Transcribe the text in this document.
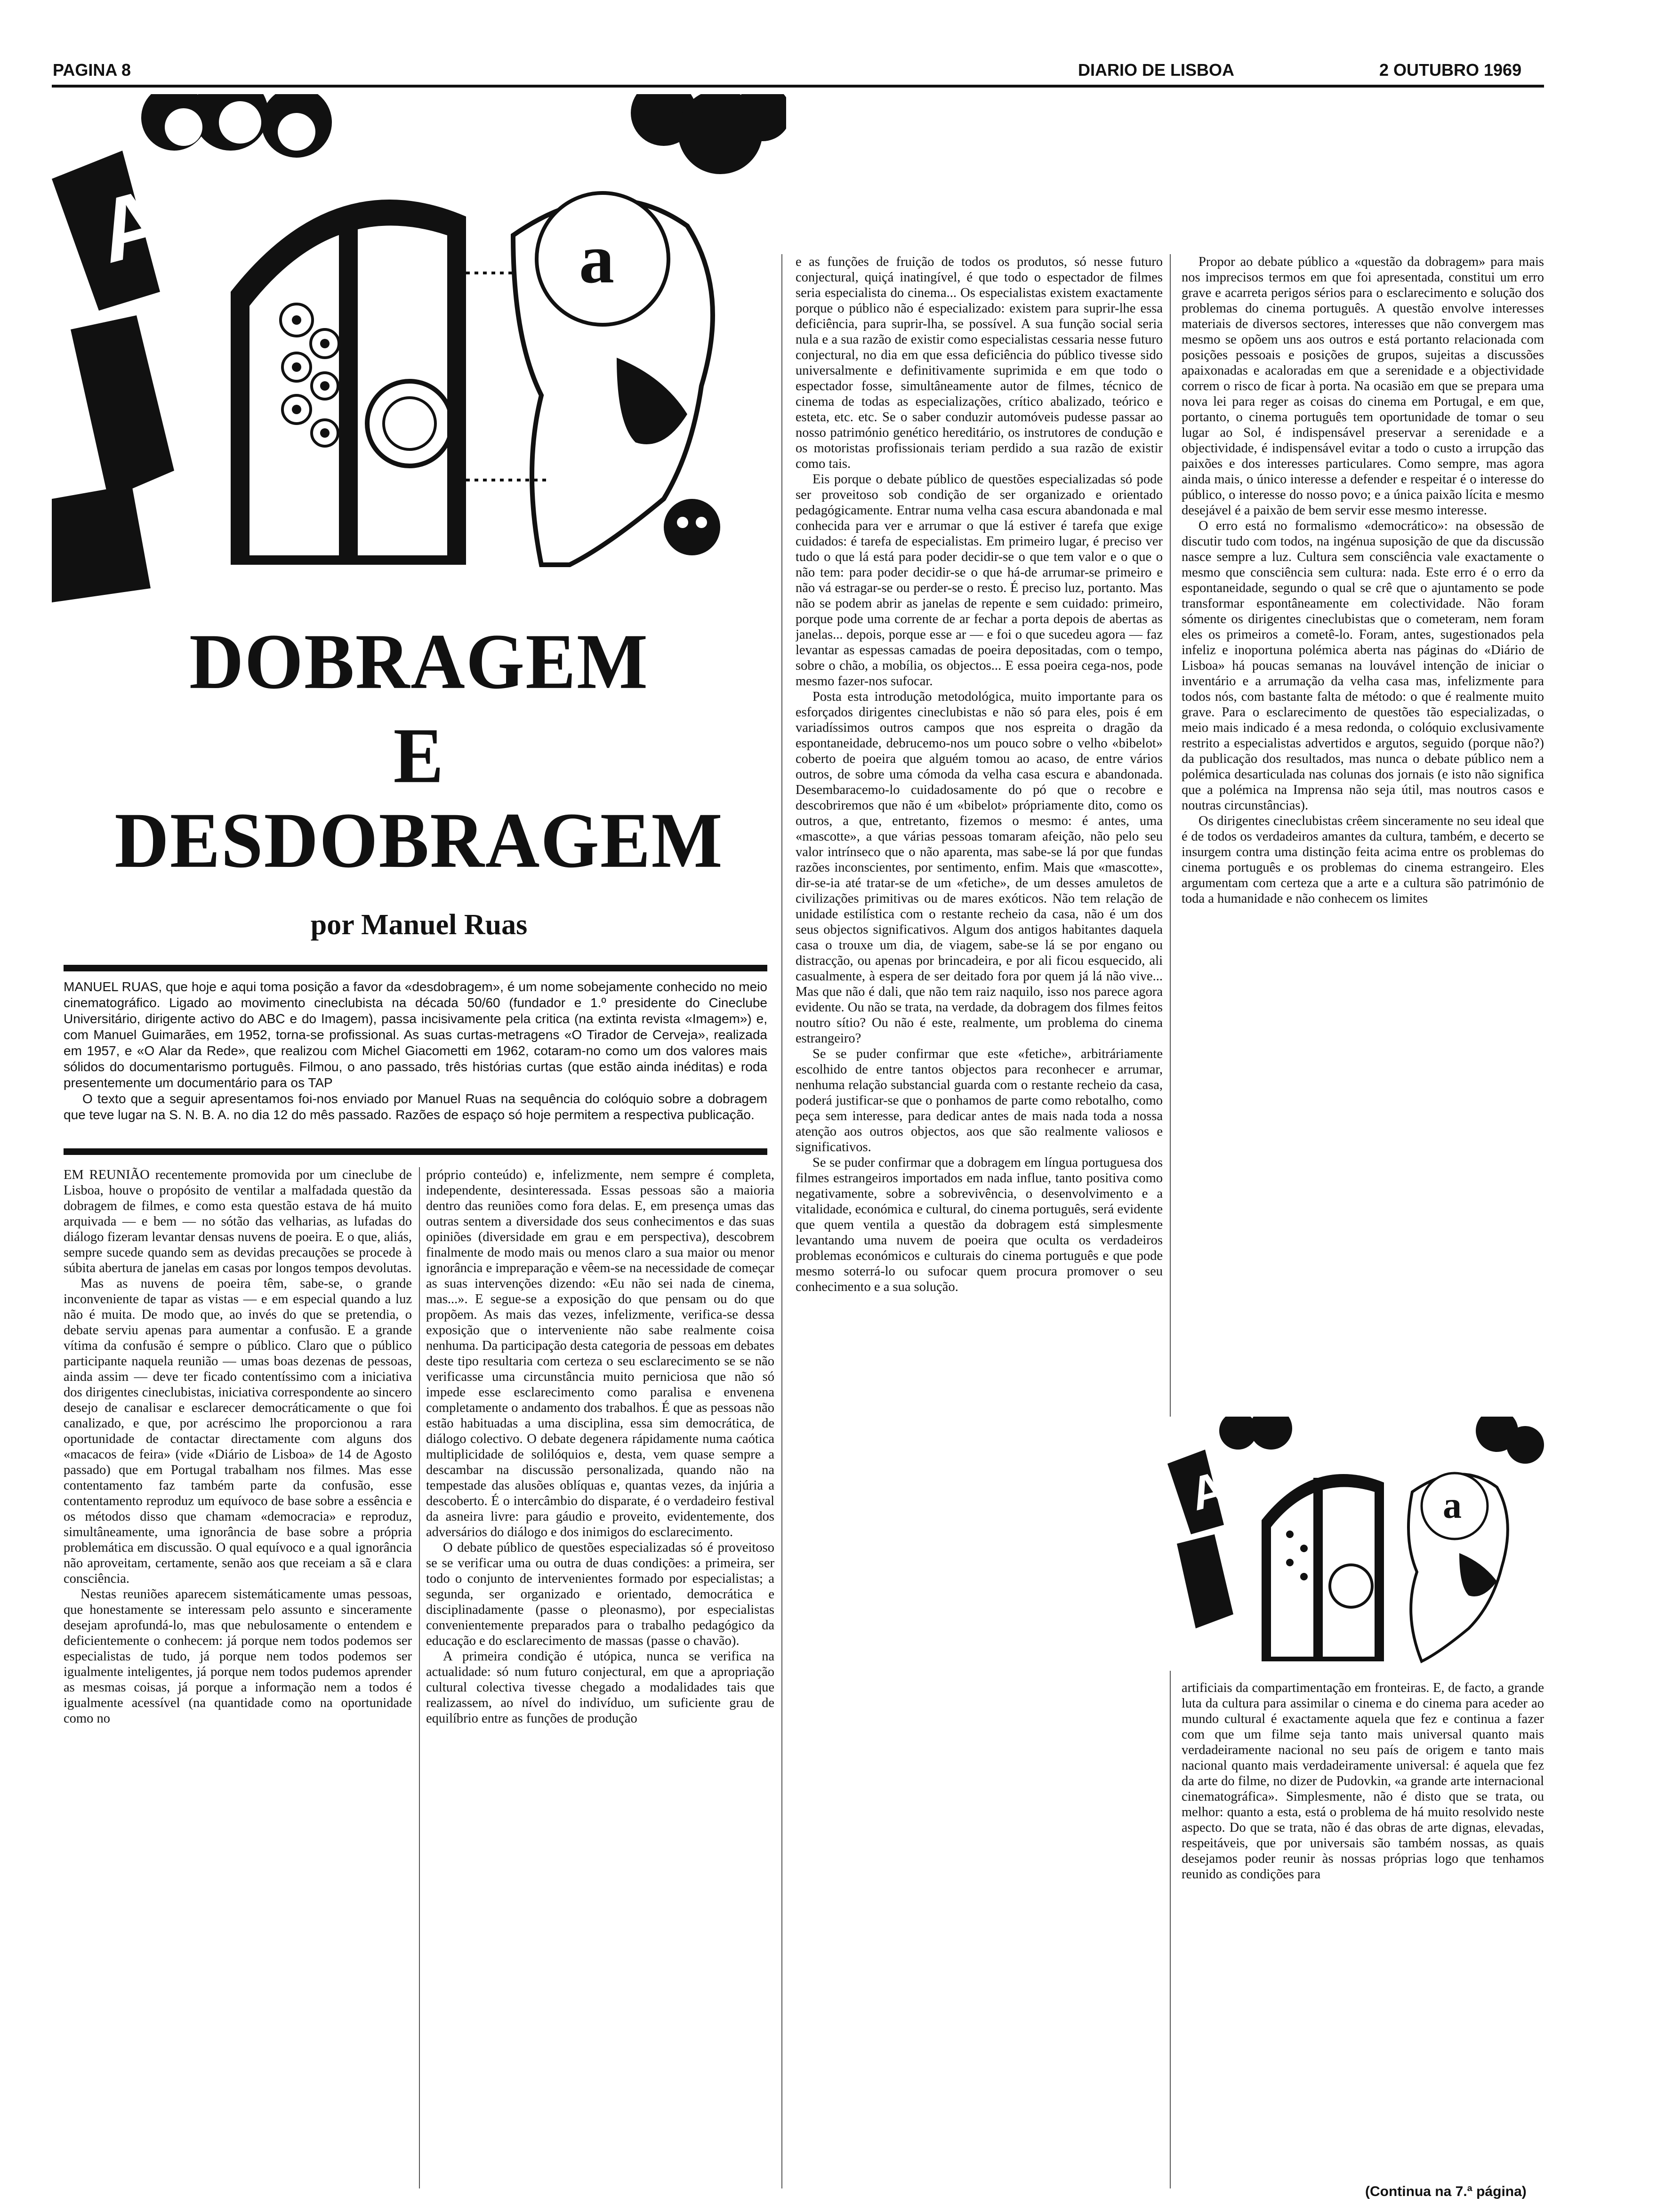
PAGINA 8	DIARIO DE LISBOA	2 OUTUBRO 1969
A	a
DOBRAGEM
E
DESDOBRAGEM
por Manuel Ruas

MANUEL RUAS, que hoje e aqui toma posição a favor da «desdobragem», é um nome sobejamente conhecido no meio cinematográfico. Ligado ao movimento cineclubista na década 50/60 (fundador e 1.º presidente do Cineclube Universitário, dirigente activo do ABC e do Imagem), passa incisivamente pela critica (na extinta revista «Imagem») e, com Manuel Guimarães, em 1952, torna-se profissional. As suas curtas-metragens «O Tirador de Cerveja», realizada em 1957, e «O Alar da Rede», que realizou com Michel Giacometti em 1962, cotaram-no como um dos valores mais sólidos do documentarismo português. Filmou, o ano passado, três histórias curtas (que estão ainda inéditas) e roda presentemente um documentário para os TAP

O texto que a seguir apresentamos foi-nos enviado por Manuel Ruas na sequência do colóquio sobre a dobragem que teve lugar na S. N. B. A. no dia 12 do mês passado. Razões de espaço só hoje permitem a respectiva publicação.

EM REUNIÃO recentemente promovida por um cineclube de Lisboa, houve o propósito de ventilar a malfadada questão da dobragem de filmes, e como esta questão estava de há muito arquivada — e bem — no sótão das velharias, as lufadas do diálogo fizeram levantar densas nuvens de poeira. E o que, aliás, sempre sucede quando sem as devidas precauções se procede à súbita abertura de janelas em casas por longos tempos devolutas.

Mas as nuvens de poeira têm, sabe-se, o grande inconveniente de tapar as vistas — e em especial quando a luz não é muita. De modo que, ao invés do que se pretendia, o debate serviu apenas para aumentar a confusão. E a grande vítima da confusão é sempre o público. Claro que o público participante naquela reunião — umas boas dezenas de pessoas, ainda assim — deve ter ficado contentíssimo com a iniciativa dos dirigentes cineclubistas, iniciativa correspondente ao sincero desejo de canalisar e esclarecer democráticamente o que foi canalizado, e que, por acréscimo lhe proporcionou a rara oportunidade de contactar directamente com alguns dos «macacos de feira» (vide «Diário de Lisboa» de 14 de Agosto passado) que em Portugal trabalham nos filmes. Mas esse contentamento faz também parte da confusão, esse contentamento reproduz um equívoco de base sobre a essência e os métodos disso que chamam «democracia» e reproduz, simultâneamente, uma ignorância de base sobre a própria problemática em discussão. O qual equívoco e a qual ignorância não aproveitam, certamente, senão aos que receiam a sã e clara consciência.

Nestas reuniões aparecem sistemáticamente umas pessoas, que honestamente se interessam pelo assunto e sinceramente desejam aprofundá-lo, mas que nebulosamente o entendem e deficientemente o conhecem: já porque nem todos podemos ser especialistas de tudo, já porque nem todos podemos ser igualmente inteligentes, já porque nem todos pudemos aprender as mesmas coisas, já porque a informação nem a todos é igualmente acessível (na quantidade como na oportunidade como no

próprio conteúdo) e, infelizmente, nem sempre é completa, independente, desinteressada. Essas pessoas são a maioria dentro das reuniões como fora delas. E, em presença umas das outras sentem a diversidade dos seus conhecimentos e das suas opiniões (diversidade em grau e em perspectiva), descobrem finalmente de modo mais ou menos claro a sua maior ou menor ignorância e impreparação e vêem-se na necessidade de começar as suas intervenções dizendo: «Eu não sei nada de cinema, mas...». E segue-se a exposição do que pensam ou do que propõem. As mais das vezes, infelizmente, verifica-se dessa exposição que o interveniente não sabe realmente coisa nenhuma. Da participação desta categoria de pessoas em debates deste tipo resultaria com certeza o seu esclarecimento se se não verificasse uma circunstância muito perniciosa que não só impede esse esclarecimento como paralisa e envenena completamente o andamento dos trabalhos. É que as pessoas não estão habituadas a uma disciplina, essa sim democrática, de diálogo colectivo. O debate degenera rápidamente numa caótica multiplicidade de solilóquios e, desta, vem quase sempre a descambar na discussão personalizada, quando não na tempestade das alusões oblíquas e, quantas vezes, da injúria a descoberto. É o intercâmbio do disparate, é o verdadeiro festival da asneira livre: para gáudio e proveito, evidentemente, dos adversários do diálogo e dos inimigos do esclarecimento.

O debate público de questões especializadas só é proveitoso se se verificar uma ou outra de duas condições: a primeira, ser todo o conjunto de intervenientes formado por especialistas; a segunda, ser organizado e orientado, democrática e disciplinadamente (passe o pleonasmo), por especialistas convenientemente preparados para o trabalho pedagógico da educação e do esclarecimento de massas (passe o chavão).

A primeira condição é utópica, nunca se verifica na actualidade: só num futuro conjectural, em que a apropriação cultural colectiva tivesse chegado a modalidades tais que realizassem, ao nível do indivíduo, um suficiente grau de equilíbrio entre as funções de produção

e as funções de fruição de todos os produtos, só nesse futuro conjectural, quiçá inatingível, é que todo o espectador de filmes seria especialista do cinema... Os especialistas existem exactamente porque o público não é especializado: existem para suprir-lhe essa deficiência, para suprir-lha, se possível. A sua função social seria nula e a sua razão de existir como especialistas cessaria nesse futuro conjectural, no dia em que essa deficiência do público tivesse sido universalmente e definitivamente suprimida e em que todo o espectador fosse, simultâneamente autor de filmes, técnico de cinema de todas as especializações, crítico abalizado, teórico e esteta, etc. etc. Se o saber conduzir automóveis pudesse passar ao nosso património genético hereditário, os instrutores de condução e os motoristas profissionais teriam perdido a sua razão de existir como tais.

Eis porque o debate público de questões especializadas só pode ser proveitoso sob condição de ser organizado e orientado pedagógicamente. Entrar numa velha casa escura abandonada e mal conhecida para ver e arrumar o que lá estiver é tarefa que exige cuidados: é tarefa de especialistas. Em primeiro lugar, é preciso ver tudo o que lá está para poder decidir-se o que tem valor e o que o não tem: para poder decidir-se o que há-de arrumar-se primeiro e não vá estragar-se ou perder-se o resto. É preciso luz, portanto. Mas não se podem abrir as janelas de repente e sem cuidado: primeiro, porque pode uma corrente de ar fechar a porta depois de abertas as janelas... depois, porque esse ar — e foi o que sucedeu agora — faz levantar as espessas camadas de poeira depositadas, com o tempo, sobre o chão, a mobília, os objectos... E essa poeira cega-nos, pode mesmo fazer-nos sufocar.

Posta esta introdução metodológica, muito importante para os esforçados dirigentes cineclubistas e não só para eles, pois é em variadíssimos outros campos que nos espreita o dragão da espontaneidade, debrucemo-nos um pouco sobre o velho «bibelot» coberto de poeira que alguém tomou ao acaso, de entre vários outros, de sobre uma cómoda da velha casa escura e abandonada. Desembaracemo-lo cuidadosamente do pó que o recobre e descobriremos que não é um «bibelot» própriamente dito, como os outros, a que, entretanto, fizemos o mesmo: é antes, uma «mascotte», a que várias pessoas tomaram afeição, não pelo seu valor intrínseco que o não aparenta, mas sabe-se lá por que fundas razões inconscientes, por sentimento, enfim. Mais que «mascotte», dir-se-ia até tratar-se de um «fetiche», de um desses amuletos de civilizações primitivas ou de mares exóticos. Não tem relação de unidade estilística com o restante recheio da casa, não é um dos seus objectos significativos. Algum dos antigos habitantes daquela casa o trouxe um dia, de viagem, sabe-se lá se por engano ou distracção, ou apenas por brincadeira, e por ali ficou esquecido, ali casualmente, à espera de ser deitado fora por quem já lá não vive... Mas que não é dali, que não tem raiz naquilo, isso nos parece agora evidente. Ou não se trata, na verdade, da dobragem dos filmes feitos noutro sítio? Ou não é este, realmente, um problema do cinema estrangeiro?

Se se puder confirmar que este «fetiche», arbitráriamente escolhido de entre tantos objectos para reconhecer e arrumar, nenhuma relação substancial guarda com o restante recheio da casa, poderá justificar-se que o ponhamos de parte como rebotalho, como peça sem interesse, para dedicar antes de mais nada toda a nossa atenção aos outros objectos, aos que são realmente valiosos e significativos.

Se se puder confirmar que a dobragem em língua portuguesa dos filmes estrangeiros importados em nada influe, tanto positiva como negativamente, sobre a sobrevivência, o desenvolvimento e a vitalidade, económica e cultural, do cinema português, será evidente que quem ventila a questão da dobragem está simplesmente levantando uma nuvem de poeira que oculta os verdadeiros problemas económicos e culturais do cinema português e que pode mesmo soterrá-lo ou sufocar quem procura promover o seu conhecimento e a sua solução.

Propor ao debate público a «questão da dobragem» para mais nos imprecisos termos em que foi apresentada, constitui um erro grave e acarreta perigos sérios para o esclarecimento e solução dos problemas do cinema português. A questão envolve interesses materiais de diversos sectores, interesses que não convergem mas mesmo se opõem uns aos outros e está portanto relacionada com posições pessoais e posições de grupos, sujeitas a discussões apaixonadas e acaloradas em que a serenidade e a objectividade correm o risco de ficar à porta. Na ocasião em que se prepara uma nova lei para reger as coisas do cinema em Portugal, e em que, portanto, o cinema português tem oportunidade de tomar o seu lugar ao Sol, é indispensável preservar a serenidade e a objectividade, é indispensável evitar a todo o custo a irrupção das paixões e dos interesses particulares. Como sempre, mas agora ainda mais, o único interesse a defender e respeitar é o interesse do público, o interesse do nosso povo; e a única paixão lícita e mesmo desejável é a paixão de bem servir esse mesmo interesse.

O erro está no formalismo «democrático»: na obsessão de discutir tudo com todos, na ingénua suposição de que da discussão nasce sempre a luz. Cultura sem consciência vale exactamente o mesmo que consciência sem cultura: nada. Este erro é o erro da espontaneidade, segundo o qual se crê que o ajuntamento se pode transformar espontâneamente em colectividade. Não foram sómente os dirigentes cineclubistas que o cometeram, nem foram eles os primeiros a cometê-lo. Foram, antes, sugestionados pela infeliz e inoportuna polémica aberta nas páginas do «Diário de Lisboa» há poucas semanas na louvável intenção de iniciar o inventário e a arrumação da velha casa mas, infelizmente para todos nós, com bastante falta de método: o que é realmente muito grave. Para o esclarecimento de questões tão especializadas, o meio mais indicado é a mesa redonda, o colóquio exclusivamente restrito a especialistas advertidos e argutos, seguido (porque não?) da publicação dos resultados, mas nunca o debate público nem a polémica desarticulada nas colunas dos jornais (e isto não significa que a polémica na Imprensa não seja útil, mas noutros casos e noutras circunstâncias).

Os dirigentes cineclubistas crêem sinceramente no seu ideal que é de todos os verdadeiros amantes da cultura, também, e decerto se insurgem contra uma distinção feita acima entre os problemas do cinema português e os problemas do cinema estrangeiro. Eles argumentam com certeza que a arte e a cultura são património de toda a humanidade e não conhecem os limites

A	a

artificiais da compartimentação em fronteiras. E, de facto, a grande luta da cultura para assimilar o cinema e do cinema para aceder ao mundo cultural é exactamente aquela que fez e continua a fazer com que um filme seja tanto mais universal quanto mais verdadeiramente nacional no seu país de origem e tanto mais nacional quanto mais verdadeiramente universal: é aquela que fez da arte do filme, no dizer de Pudovkin, «a grande arte internacional cinematográfica». Simplesmente, não é disto que se trata, ou melhor: quanto a esta, está o problema de há muito resolvido neste aspecto. Do que se trata, não é das obras de arte dignas, elevadas, respeitáveis, que por universais são também nossas, as quais desejamos poder reunir às nossas próprias logo que tenhamos reunido as condições para

(Continua na 7.ª página)
